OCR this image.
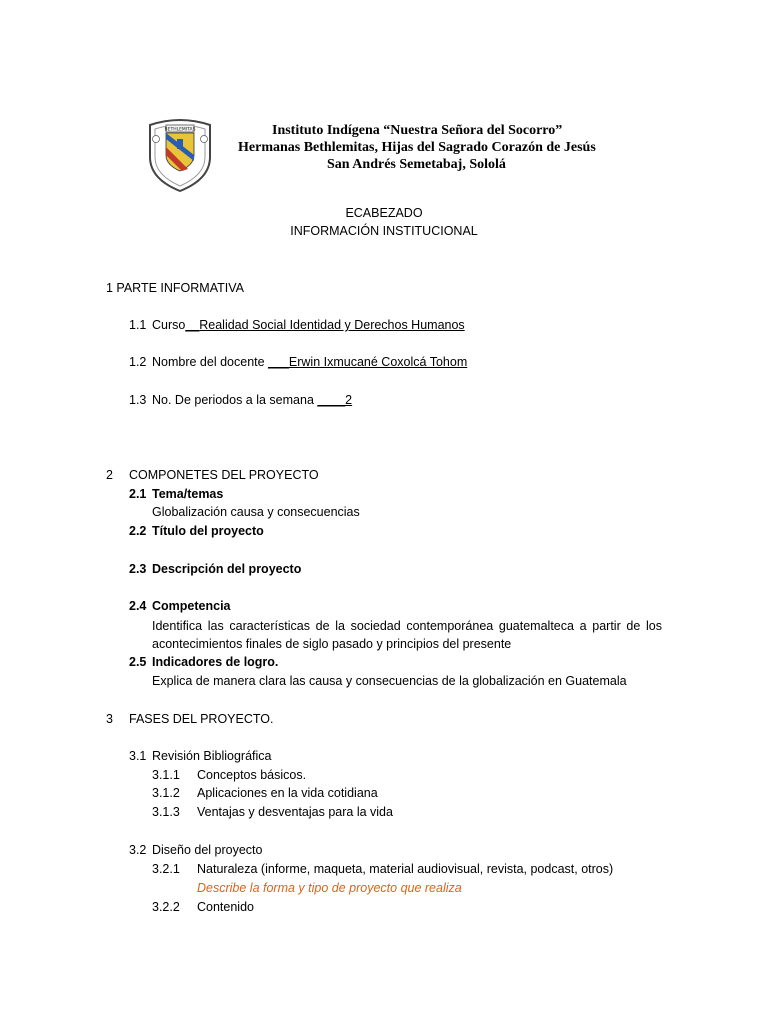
BETHLEMITAS	Instituto Indígena “Nuestra Señora del Socorro”
Hermanas Bethlemitas, Hijas del Sagrado Corazón de Jesús
San Andrés Semetabaj, Sololá
ECABEZADO
INFORMACIÓN INSTITUCIONAL
1 PARTE INFORMATIVA
1.1 Curso__Realidad Social Identidad y Derechos Humanos
1.2 Nombre del docente ___Erwin Ixmucané Coxolcá Tohom
1.3 No. De periodos a la semana ____2
2 COMPONETES DEL PROYECTO
2.1 Tema/temas
Globalización causa y consecuencias
2.2 Título del proyecto
2.3 Descripción del proyecto
2.4 Competencia
Identifica las características de la sociedad contemporánea guatemalteca a partir de los acontecimientos finales de siglo pasado y principios del presente
2.5 Indicadores de logro.
Explica de manera clara las causa y consecuencias de la globalización en Guatemala
3 FASES DEL PROYECTO.
3.1 Revisión Bibliográfica
3.1.1 Conceptos básicos.
3.1.2 Aplicaciones en la vida cotidiana
3.1.3 Ventajas y desventajas para la vida
3.2 Diseño del proyecto
3.2.1 Naturaleza (informe, maqueta, material audiovisual, revista, podcast, otros)
Describe la forma y tipo de proyecto que realiza
3.2.2 Contenido
